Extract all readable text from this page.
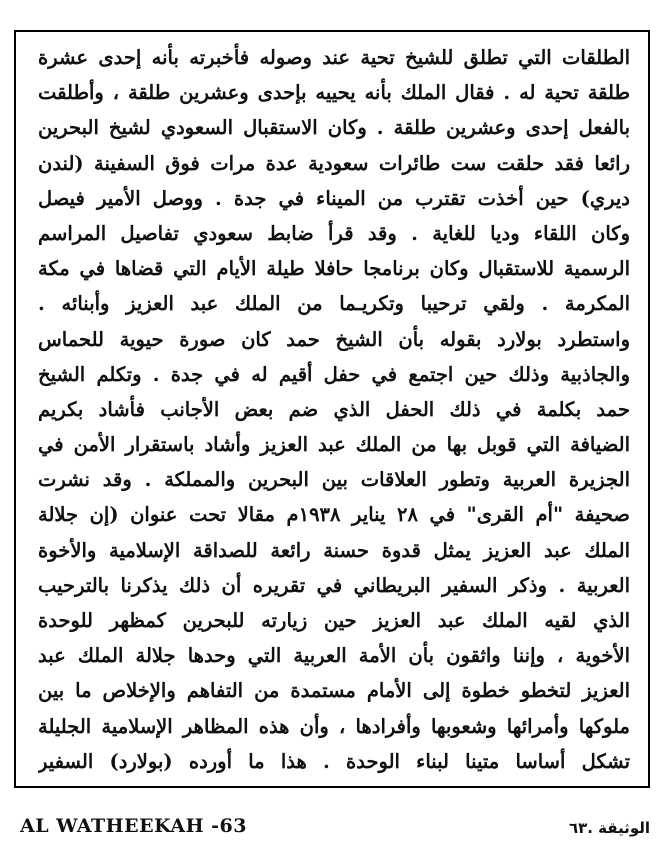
الطلقات التي تطلق للشيخ تحية عند وصوله فأخبرته بأنه إحدى عشرة
طلقة تحية له . فقال الملك بأنه يحييه بإحدى وعشرين طلقة ، وأطلقت
بالفعل إحدى وعشرين طلقة . وكان الاستقبال السعودي لشيخ البحرين
رائعا فقد حلقت ست طائرات سعودية عدة مرات فوق السفينة (لندن
ديري) حين أخذت تقترب من الميناء في جدة . ووصل الأمير فيصل
وكان اللقاء وديا للغاية . وقد قرأ ضابط سعودي تفاصيل المراسم
الرسمية للاستقبال وكان برنامجا حافلا طيلة الأيام التي قضاها في مكة
المكرمة . ولقي ترحيبا وتكريـما من الملك عبد العزيز وأبنائه .
واستطرد بولارد بقوله بأن الشيخ حمد كان صورة حيوية للحماس
والجاذبية وذلك حين اجتمع في حفل أقيم له في جدة . وتكلم الشيخ
حمد بكلمة في ذلك الحفل الذي ضم بعض الأجانب فأشاد بكريم
الضيافة التي قوبل بها من الملك عبد العزيز وأشاد باستقرار الأمن في
الجزيرة العربية وتطور العلاقات بين البحرين والمملكة . وقد نشرت
صحيفة "أم القرى" في ٢٨ يناير ١٩٣٨م مقالا تحت عنوان (إن جلالة
الملك عبد العزيز يمثل قدوة حسنة رائعة للصداقة الإسلامية والأخوة
العربية . وذكر السفير البريطاني في تقريره أن ذلك يذكرنا بالترحيب
الذي لقيه الملك عبد العزيز حين زيارته للبحرين كمظهر للوحدة
الأخوية ، وإننا واثقون بأن الأمة العربية التي وحدها جلالة الملك عبد
العزيز لتخطو خطوة إلى الأمام مستمدة من التفاهم والإخلاص ما بين
ملوكها وأمرائها وشعوبها وأفرادها ، وأن هذه المظاهر الإسلامية الجليلة
تشكل أساسا متينا لبناء الوحدة . هذا ما أورده (بولارد) السفير
AL WATHEEKAH -63	الوثيقة .٦٣
